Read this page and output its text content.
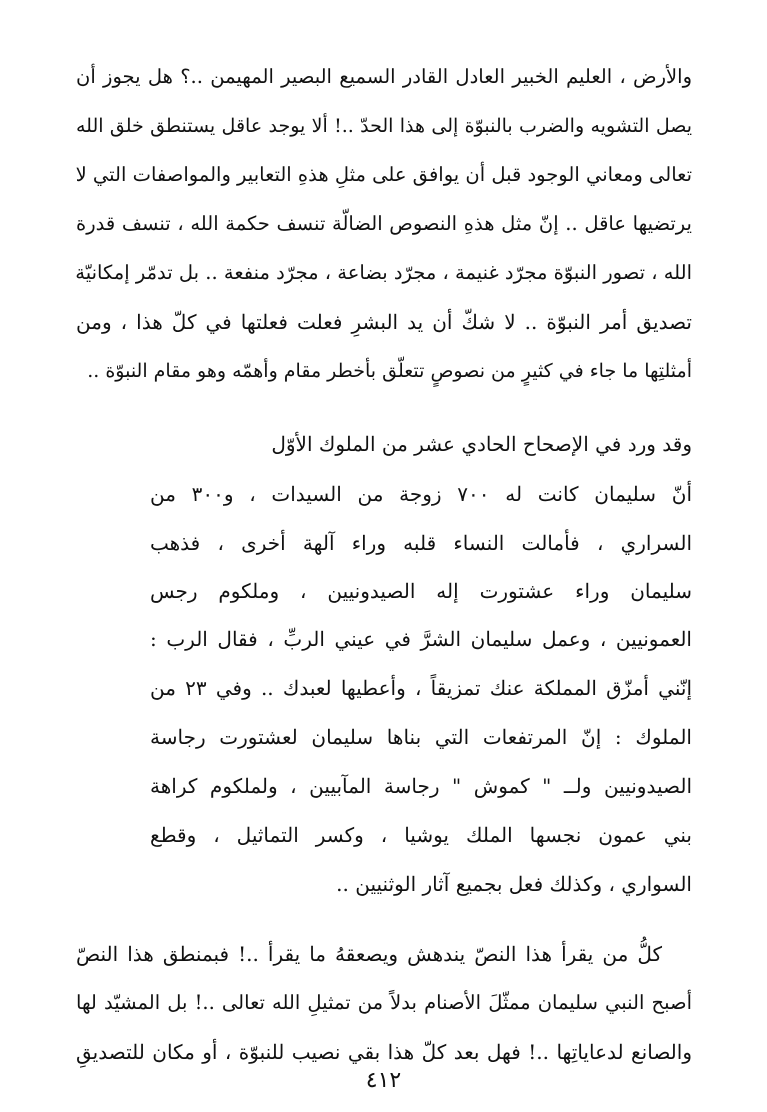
والأرض ، العليم الخبير العادل القادر السميع البصير المهيمن ..؟ هل يجوز أن
يصل التشويه والضرب بالنبوّة إلى هذا الحدّ ..! ألا يوجد عاقل يستنطق خلق الله
تعالى ومعاني الوجود قبل أن يوافق على مثلِ هذهِ التعابير والمواصفات التي لا
يرتضيها عاقل .. إنّ مثل هذهِ النصوص الضالّة تنسف حكمة الله ، تنسف قدرة
الله ، تصور النبوّة مجرّد غنيمة ، مجرّد بضاعة ، مجرّد منفعة .. بل تدمّر إمكانيّة
تصديق أمر النبوّة .. لا شكّ أن يد البشرِ فعلت فعلتها في كلّ هذا ، ومن
أمثلتِها ما جاء في كثيرٍ من نصوصٍ تتعلّق بأخطر مقام وأهمّه وهو مقام النبوّة ..
وقد ورد في الإصحاح الحادي عشر من الملوك الأوّل
أنّ سليمان كانت له ٧٠٠ زوجة من السيدات ، و٣٠٠ من
السراري ، فأمالت النساء قلبه وراء آلهة أخرى ، فذهب
سليمان وراء عشتورت إله الصيدونيين ، وملكوم رجس
العمونيين ، وعمل سليمان الشرَّ في عيني الربِّ ، فقال الرب :
إنّني أمزّق المملكة عنك تمزيقاً ، وأعطيها لعبدك .. وفي ٢٣ من
الملوك : إنّ المرتفعات التي بناها سليمان لعشتورت رجاسة
الصيدونيين ولــ " كموش " رجاسة المآبيين ، ولملكوم كراهة
بني عمون نجسها الملك يوشيا ، وكسر التماثيل ، وقطع
السواري ، وكذلك فعل بجميع آثار الوثنيين ..
كلُّ من يقرأ هذا النصّ يندهش ويصعقهُ ما يقرأ ..! فبمنطق هذا النصّ
أصبح النبي سليمان ممثّلَ الأصنام بدلاً من تمثيلِ الله تعالى ..! بل المشيّد لها
والصانع لدعاياتِها ..! فهل بعد كلّ هذا بقي نصيب للنبوّة ، أو مكان للتصديقِ
٤١٢
